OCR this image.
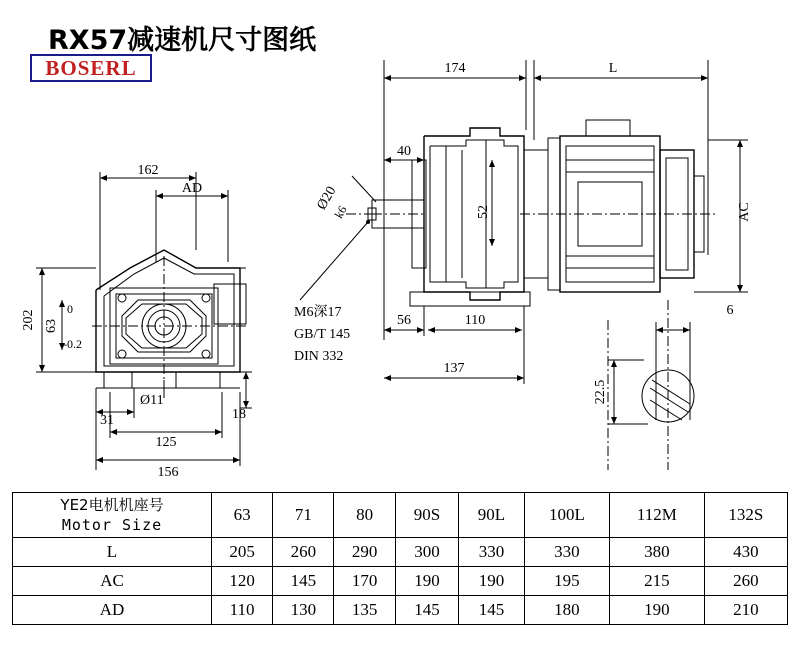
RX57减速机尺寸图纸
BOSERL
162
AD
202 63
0
-0.2
Ø11
31
125
156
18
174	L
Ø20
k6
40
52	AC
M6深17
GB/T 145
DIN 332
56	110
137
6
22.5
YE2电机机座号
Motor Size	63	71	80	90S	90L	100L	112M	132S
L	205	260	290	300	330	330	380	430
AC	120	145	170	190	190	195	215	260
AD	110	130	135	145	145	180	190	210
